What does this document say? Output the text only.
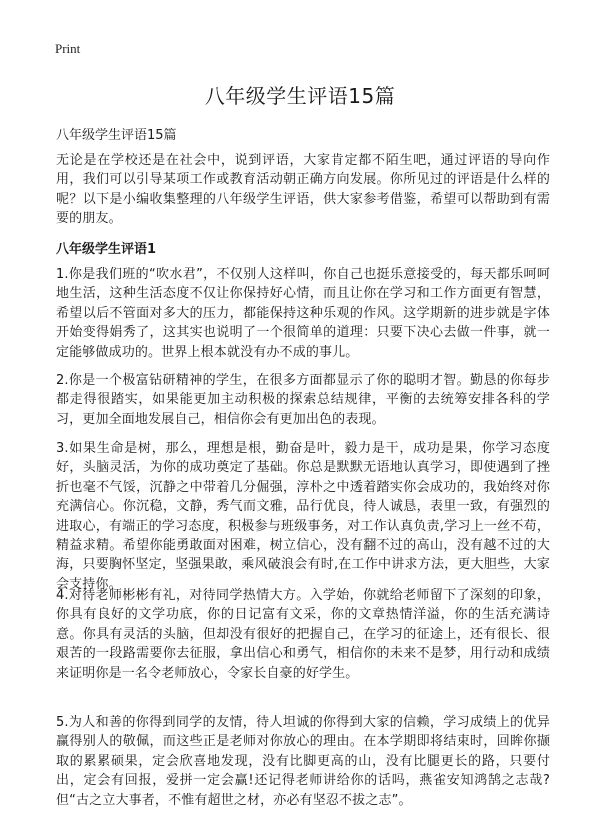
Print
八年级学生评语15篇

八年级学生评语15篇

无论是在学校还是在社会中，说到评语，大家肯定都不陌生吧，通过评语的导向作用，我们可以引导某项工作或教育活动朝正确方向发展。你所见过的评语是什么样的呢？以下是小编收集整理的八年级学生评语，供大家参考借鉴，希望可以帮助到有需要的朋友。

八年级学生评语1

1.你是我们班的“吹水君”，不仅别人这样叫，你自己也挺乐意接受的，每天都乐呵呵地生活，这种生活态度不仅让你保持好心情，而且让你在学习和工作方面更有智慧，希望以后不管面对多大的压力，都能保持这种乐观的作风。这学期新的进步就是字体开始变得娟秀了，这其实也说明了一个很简单的道理：只要下决心去做一件事，就一定能够做成功的。世界上根本就没有办不成的事儿。

2.你是一个极富钻研精神的学生，在很多方面都显示了你的聪明才智。勤恳的你每步都走得很踏实，如果能更加主动积极的探索总结规律，平衡的去统筹安排各科的学习，更加全面地发展自己，相信你会有更加出色的表现。

3.如果生命是树，那么，理想是根，勤奋是叶，毅力是干，成功是果，你学习态度好，头脑灵活，为你的成功奠定了基础。你总是默默无语地认真学习，即使遇到了挫折也毫不气馁，沉静之中带着几分倔强，淳朴之中透着踏实你会成功的，我始终对你充满信心。你沉稳，文静，秀气而文雅，品行优良，待人诚恳，表里一致，有强烈的进取心，有端正的学习态度，积极参与班级事务，对工作认真负责,学习上一丝不苟，精益求精。希望你能勇敢面对困难，树立信心，没有翻不过的高山，没有越不过的大海，只要胸怀坚定，坚强果敢，乘风破浪会有时,在工作中讲求方法，更大胆些，大家会支持你。

4.对待老师彬彬有礼，对待同学热情大方。入学始，你就给老师留下了深刻的印象，你具有良好的文学功底，你的日记富有文采，你的文章热情洋溢，你的生活充满诗意。你具有灵活的头脑，但却没有很好的把握自己，在学习的征途上，还有很长、很艰苦的一段路需要你去征服，拿出信心和勇气，相信你的未来不是梦，用行动和成绩来证明你是一名令老师放心，令家长自豪的好学生。

5.为人和善的你得到同学的友情，待人坦诚的你得到大家的信赖，学习成绩上的优异赢得别人的敬佩，而这些正是老师对你放心的理由。在本学期即将结束时，回眸你撷取的累累硕果，定会欣喜地发现，没有比脚更高的山，没有比腿更长的路，只要付出，定会有回报，爱拼一定会赢!还记得老师讲给你的话吗，燕雀安知鸿鹄之志哉?但“古之立大事者，不惟有超世之材，亦必有坚忍不拔之志”。
